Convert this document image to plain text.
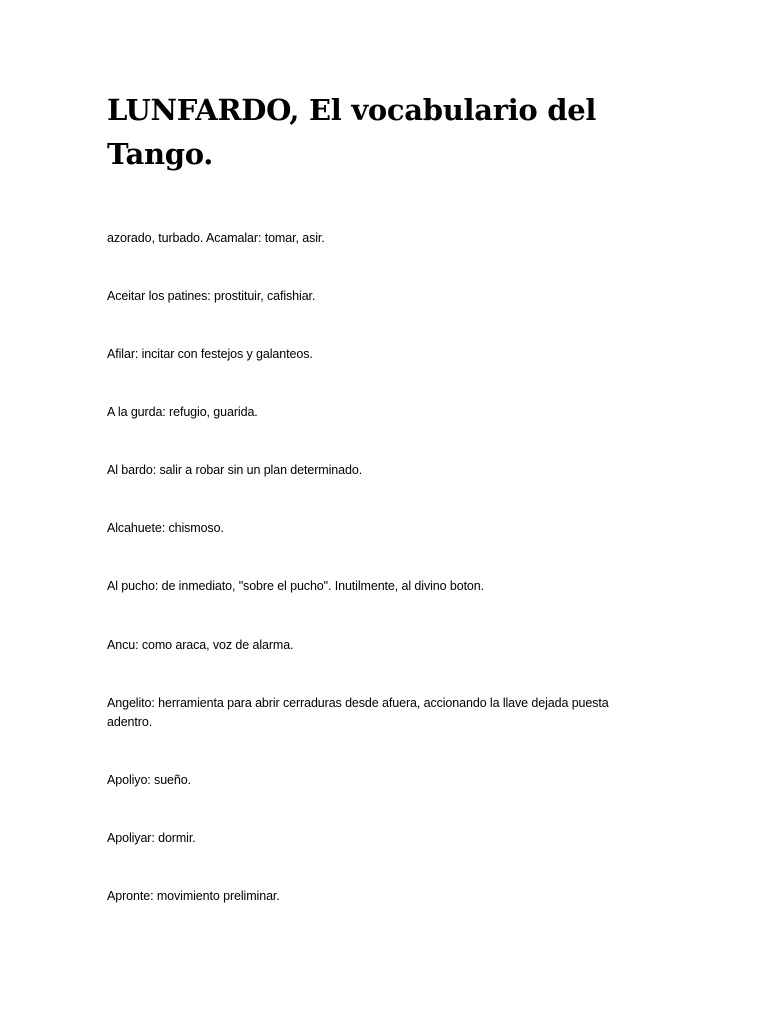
LUNFARDO, El vocabulario del Tango.

azorado, turbado. Acamalar: tomar, asir.

Aceitar los patines: prostituir, cafishiar.

Afilar: incitar con festejos y galanteos.

A la gurda: refugio, guarida.

Al bardo: salir a robar sin un plan determinado.

Alcahuete: chismoso.

Al pucho: de inmediato, "sobre el pucho". Inutilmente, al divino boton.

Ancu: como araca, voz de alarma.

Angelito: herramienta para abrir cerraduras desde afuera, accionando la llave dejada puesta adentro.

Apoliyo: sueño.

Apoliyar: dormir.

Apronte: movimiento preliminar.
